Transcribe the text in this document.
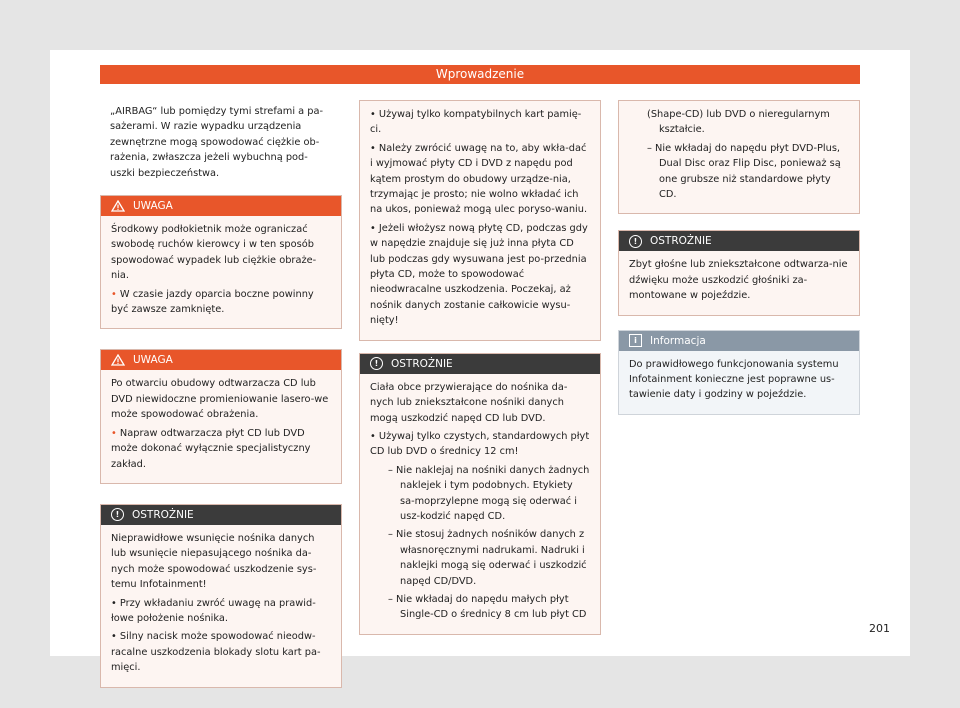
Wprowadzenie

„AIRBAG“ lub pomiędzy tymi strefami a pa-sażerami. W razie wypadku urządzenia zewnętrzne mogą spowodować ciężkie ob-rażenia, zwłaszcza jeżeli wybuchną pod-uszki bezpieczeństwa.

UWAGA

Środkowy podłokietnik może ograniczać swobodę ruchów kierowcy i w ten sposób spowodować wypadek lub ciężkie obraże-nia.

• W czasie jazdy oparcia boczne powinny być zawsze zamknięte.

UWAGA

Po otwarciu obudowy odtwarzacza CD lub DVD niewidoczne promieniowanie lasero-we może spowodować obrażenia.

• Napraw odtwarzacza płyt CD lub DVD może dokonać wyłącznie specjalistyczny zakład.

!	OSTROŻNIE

Nieprawidłowe wsunięcie nośnika danych lub wsunięcie niepasującego nośnika da-nych może spowodować uszkodzenie sys-temu Infotainment!

• Przy wkładaniu zwróć uwagę na prawid-łowe położenie nośnika.

• Silny nacisk może spowodować nieodw-racalne uszkodzenia blokady slotu kart pa-mięci.

• Używaj tylko kompatybilnych kart pamię-ci.

• Należy zwrócić uwagę na to, aby wkła-dać i wyjmować płyty CD i DVD z napędu pod kątem prostym do obudowy urządze-nia, trzymając je prosto; nie wolno wkładać ich na ukos, ponieważ mogą ulec poryso-waniu.

• Jeżeli włożysz nową płytę CD, podczas gdy w napędzie znajduje się już inna płyta CD lub podczas gdy wysuwana jest po-przednia płyta CD, może to spowodować nieodwracalne uszkodzenia. Poczekaj, aż nośnik danych zostanie całkowicie wysu-nięty!

!	OSTROŻNIE

Ciała obce przywierające do nośnika da-nych lub zniekształcone nośniki danych mogą uszkodzić napęd CD lub DVD.

• Używaj tylko czystych, standardowych płyt CD lub DVD o średnicy 12 cm!

– Nie naklejaj na nośniki danych żadnych naklejek i tym podobnych. Etykiety sa-moprzylepne mogą się oderwać i usz-kodzić napęd CD.

– Nie stosuj żadnych nośników danych z własnoręcznymi nadrukami. Nadruki i naklejki mogą się oderwać i uszkodzić napęd CD/DVD.

– Nie wkładaj do napędu małych płyt Single-CD o średnicy 8 cm lub płyt CD

(Shape-CD) lub DVD o nieregularnym kształcie.

– Nie wkładaj do napędu płyt DVD-Plus, Dual Disc oraz Flip Disc, ponieważ są one grubsze niż standardowe płyty CD.

!	OSTROŻNIE

Zbyt głośne lub zniekształcone odtwarza-nie dźwięku może uszkodzić głośniki za-montowane w pojeździe.

i	Informacja

Do prawidłowego funkcjonowania systemu Infotainment konieczne jest poprawne us-tawienie daty i godziny w pojeździe.

201
